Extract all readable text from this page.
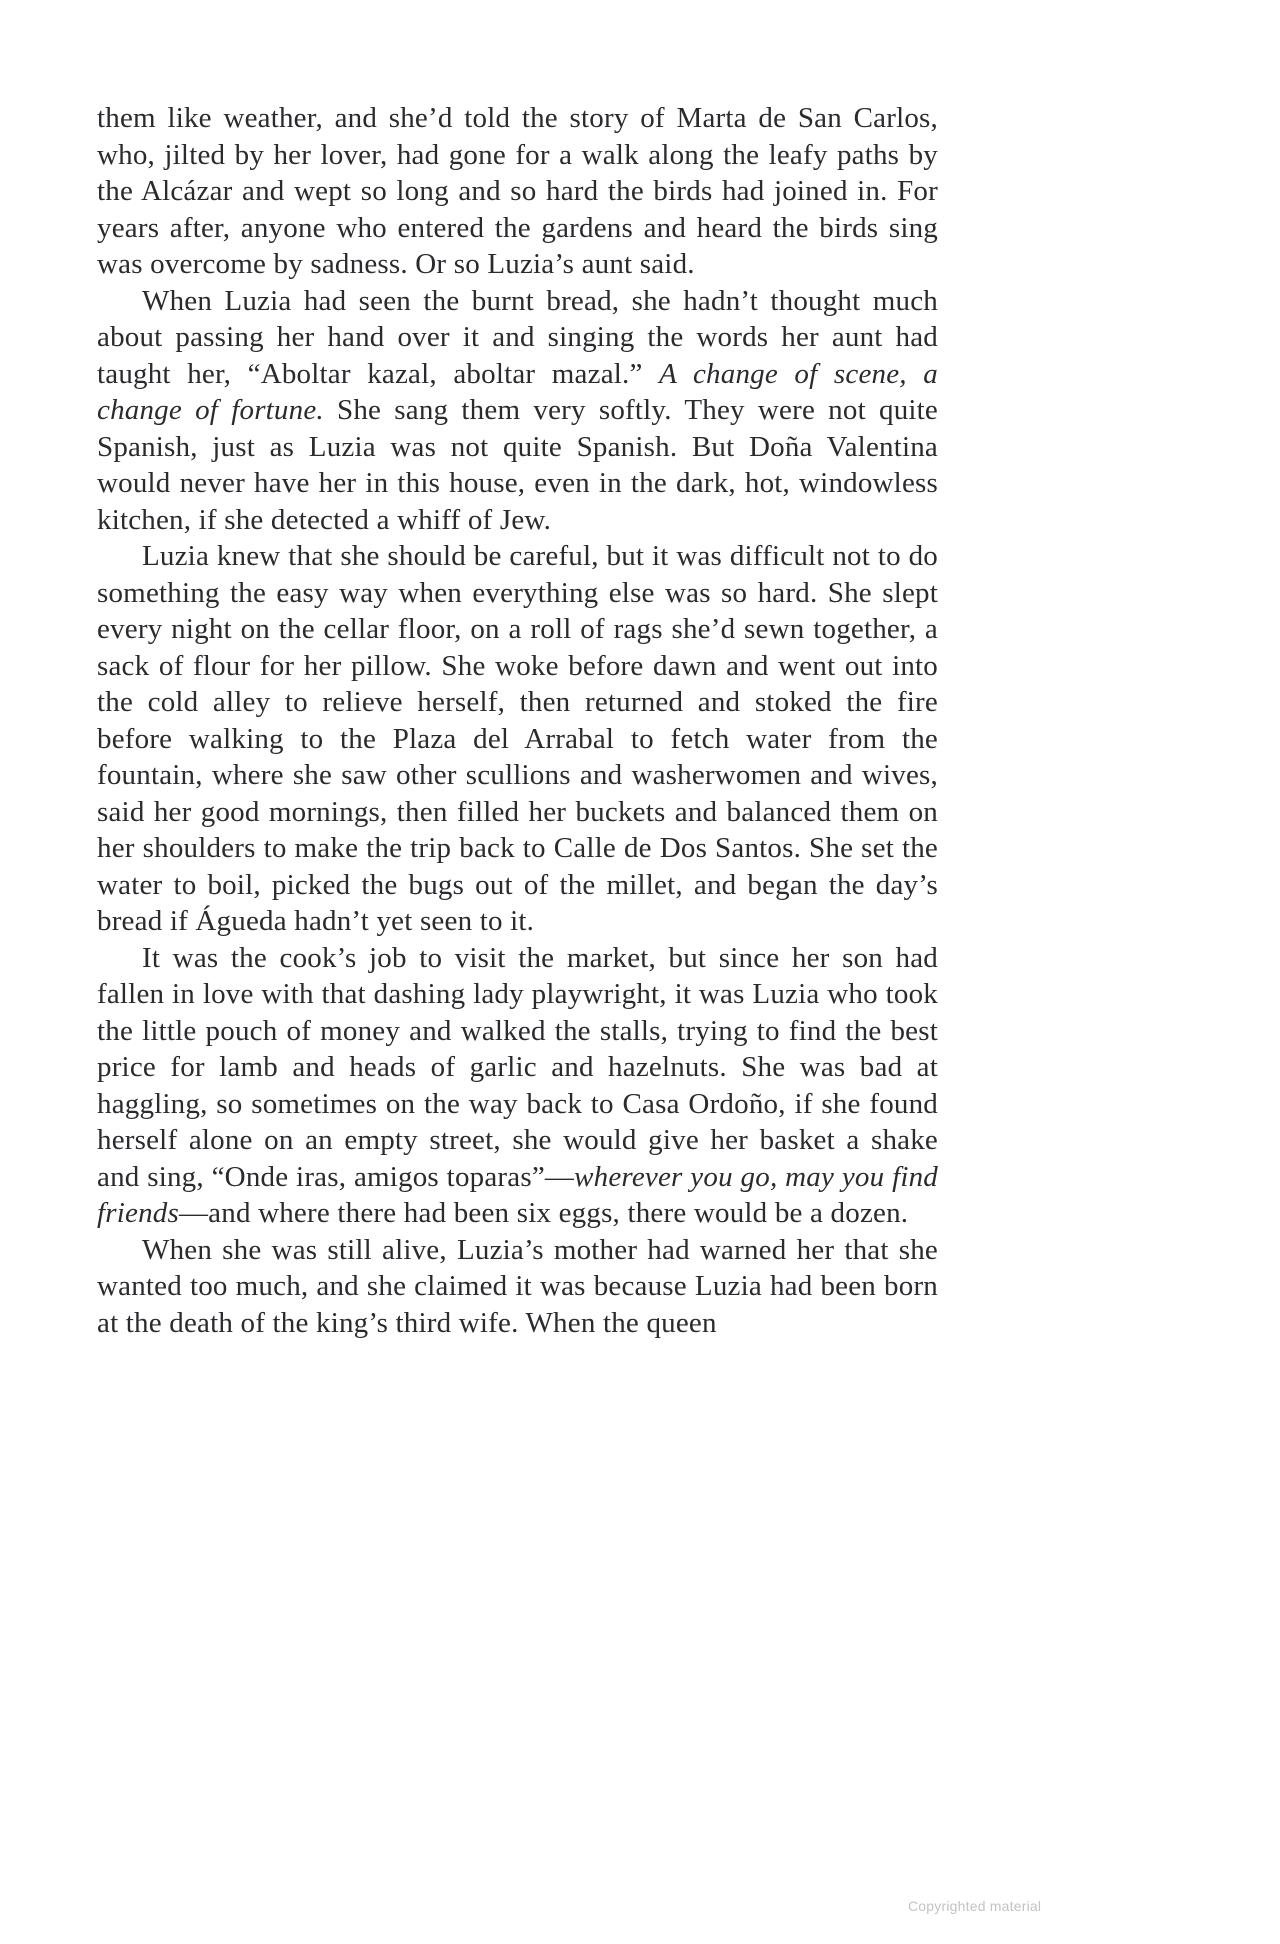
them like weather, and she’d told the story of Marta de San Carlos, who, jilted by her lover, had gone for a walk along the leafy paths by the Alcázar and wept so long and so hard the birds had joined in. For years after, anyone who entered the gardens and heard the birds sing was overcome by sadness. Or so Luzia’s aunt said.

When Luzia had seen the burnt bread, she hadn’t thought much about passing her hand over it and singing the words her aunt had taught her, “Aboltar kazal, aboltar mazal.” A change of scene, a change of fortune. She sang them very softly. They were not quite Spanish, just as Luzia was not quite Spanish. But Doña Valentina would never have her in this house, even in the dark, hot, windowless kitchen, if she detected a whiff of Jew.

Luzia knew that she should be careful, but it was difficult not to do something the easy way when everything else was so hard. She slept every night on the cellar floor, on a roll of rags she’d sewn together, a sack of flour for her pillow. She woke before dawn and went out into the cold alley to relieve herself, then returned and stoked the fire before walking to the Plaza del Arrabal to fetch water from the fountain, where she saw other scullions and washerwomen and wives, said her good mornings, then filled her buckets and balanced them on her shoulders to make the trip back to Calle de Dos Santos. She set the water to boil, picked the bugs out of the millet, and began the day’s bread if Águeda hadn’t yet seen to it.

It was the cook’s job to visit the market, but since her son had fallen in love with that dashing lady playwright, it was Luzia who took the little pouch of money and walked the stalls, trying to find the best price for lamb and heads of garlic and hazelnuts. She was bad at haggling, so sometimes on the way back to Casa Ordoño, if she found herself alone on an empty street, she would give her basket a shake and sing, “Onde iras, amigos toparas”—wherever you go, may you find friends—and where there had been six eggs, there would be a dozen.

When she was still alive, Luzia’s mother had warned her that she wanted too much, and she claimed it was because Luzia had been born at the death of the king’s third wife. When the queen

Copyrighted material
